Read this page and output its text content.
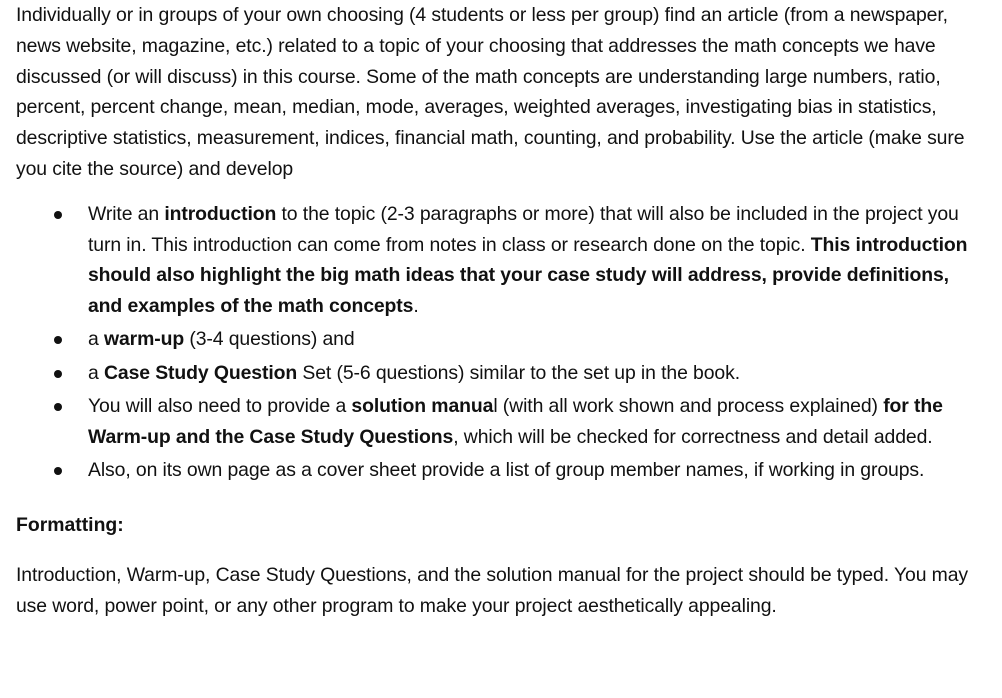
Individually or in groups of your own choosing (4 students or less per group) find an article (from a newspaper, news website, magazine, etc.) related to a topic of your choosing that addresses the math concepts we have discussed (or will discuss) in this course. Some of the math concepts are understanding large numbers, ratio, percent, percent change, mean, median, mode, averages, weighted averages, investigating bias in statistics, descriptive statistics, measurement, indices, financial math, counting, and probability. Use the article (make sure you cite the source) and develop

Write an introduction to the topic (2-3 paragraphs or more) that will also be included in the project you turn in. This introduction can come from notes in class or research done on the topic. This introduction should also highlight the big math ideas that your case study will address, provide definitions, and examples of the math concepts.
a warm-up (3-4 questions) and
a Case Study Question Set (5-6 questions) similar to the set up in the book.
You will also need to provide a solution manual (with all work shown and process explained) for the Warm-up and the Case Study Questions, which will be checked for correctness and detail added.
Also, on its own page as a cover sheet provide a list of group member names, if working in groups.

Formatting:

Introduction, Warm-up, Case Study Questions, and the solution manual for the project should be typed. You may use word, power point, or any other program to make your project aesthetically appealing.
